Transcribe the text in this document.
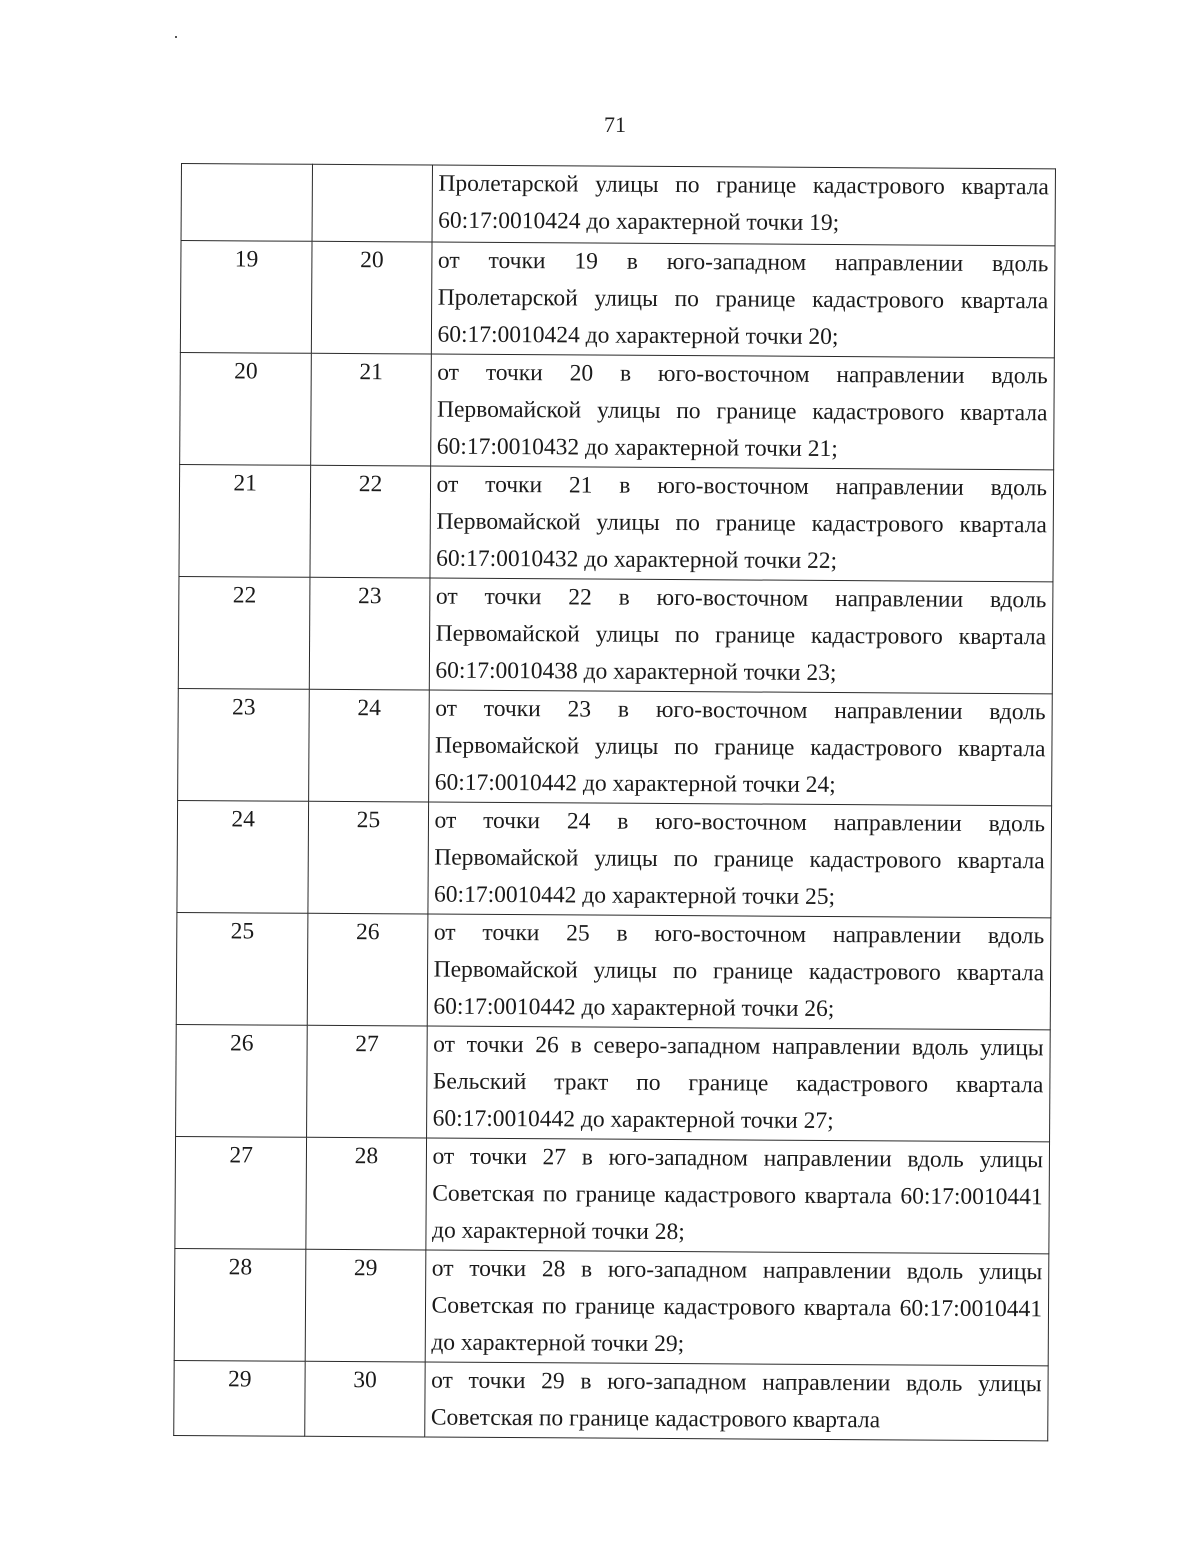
71
		Пролетарской улицы по границе кадастрового квартала 60:17:0010424 до характерной точки 19;
19	20	от точки 19 в юго-западном направлении вдоль Пролетарской улицы по границе кадастрового квартала 60:17:0010424 до характерной точки 20;
20	21	от точки 20 в юго-восточном направлении вдоль Первомайской улицы по границе кадастрового квартала 60:17:0010432 до характерной точки 21;
21	22	от точки 21 в юго-восточном направлении вдоль Первомайской улицы по границе кадастрового квартала 60:17:0010432 до характерной точки 22;
22	23	от точки 22 в юго-восточном направлении вдоль Первомайской улицы по границе кадастрового квартала 60:17:0010438 до характерной точки 23;
23	24	от точки 23 в юго-восточном направлении вдоль Первомайской улицы по границе кадастрового квартала 60:17:0010442 до характерной точки 24;
24	25	от точки 24 в юго-восточном направлении вдоль Первомайской улицы по границе кадастрового квартала 60:17:0010442 до характерной точки 25;
25	26	от точки 25 в юго-восточном направлении вдоль Первомайской улицы по границе кадастрового квартала 60:17:0010442 до характерной точки 26;
26	27	от точки 26 в северо-западном направлении вдоль улицы Бельский тракт по границе кадастрового квартала 60:17:0010442 до характерной точки 27;
27	28	от точки 27 в юго-западном направлении вдоль улицы Советская по границе кадастрового квартала 60:17:0010441 до характерной точки 28;
28	29	от точки 28 в юго-западном направлении вдоль улицы Советская по границе кадастрового квартала 60:17:0010441 до характерной точки 29;
29	30	от точки 29 в юго-западном направлении вдоль улицы Советская по границе кадастрового квартала
